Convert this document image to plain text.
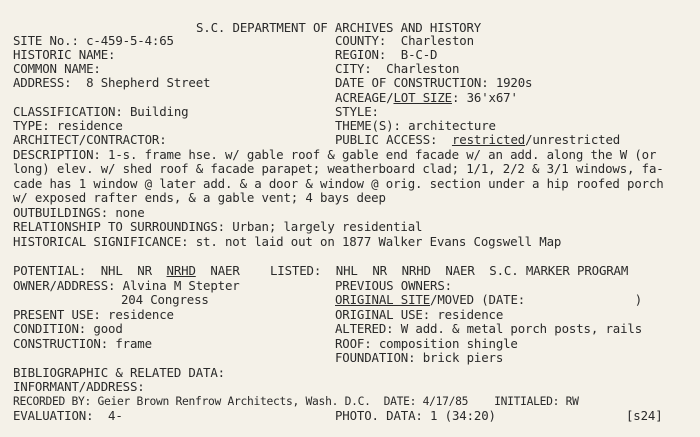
S.C. DEPARTMENT OF ARCHIVES AND HISTORY
SITE No.: c-459-5-4:65
HISTORIC NAME:
COMMON NAME:
ADDRESS:  8 Shepherd Street
COUNTY:  Charleston
REGION:  B-C-D
CITY:  Charleston
DATE OF CONSTRUCTION: 1920s
ACREAGE/LOT SIZE: 36'x67'
STYLE:
THEME(S): architecture
PUBLIC ACCESS:  restricted/unrestricted
CLASSIFICATION: Building
TYPE: residence
ARCHITECT/CONTRACTOR:
DESCRIPTION: 1-s. frame hse. w/ gable roof & gable end facade w/ an add. along the W (or
long) elev. w/ shed roof & facade parapet; weatherboard clad; 1/1, 2/2 & 3/1 windows, fa-
cade has 1 window @ later add. & a door & window @ orig. section under a hip roofed porch
w/ exposed rafter ends, & a gable vent; 4 bays deep
OUTBUILDINGS: none
RELATIONSHIP TO SURROUNDINGS: Urban; largely residential
HISTORICAL SIGNIFICANCE: st. not laid out on 1877 Walker Evans Cogswell Map
POTENTIAL:  NHL  NR  NRHD  NAER LISTED:  NHL  NR  NRHD  NAER  S.C. MARKER PROGRAM
OWNER/ADDRESS: Alvina M Stepter
204 Congress
PREVIOUS OWNERS:
ORIGINAL SITE/MOVED (DATE:               )
PRESENT USE: residence	ORIGINAL USE: residence
CONDITION: good	ALTERED: W add. & metal porch posts, rails
CONSTRUCTION: frame	ROOF: composition shingle
FOUNDATION: brick piers
BIBLIOGRAPHIC & RELATED DATA:
INFORMANT/ADDRESS:
RECORDED BY: Geier Brown Renfrow Architects, Wash. D.C.  DATE: 4/17/85    INITIALED: RW
EVALUATION:  4-	PHOTO. DATA: 1 (34:20)	[s24]
